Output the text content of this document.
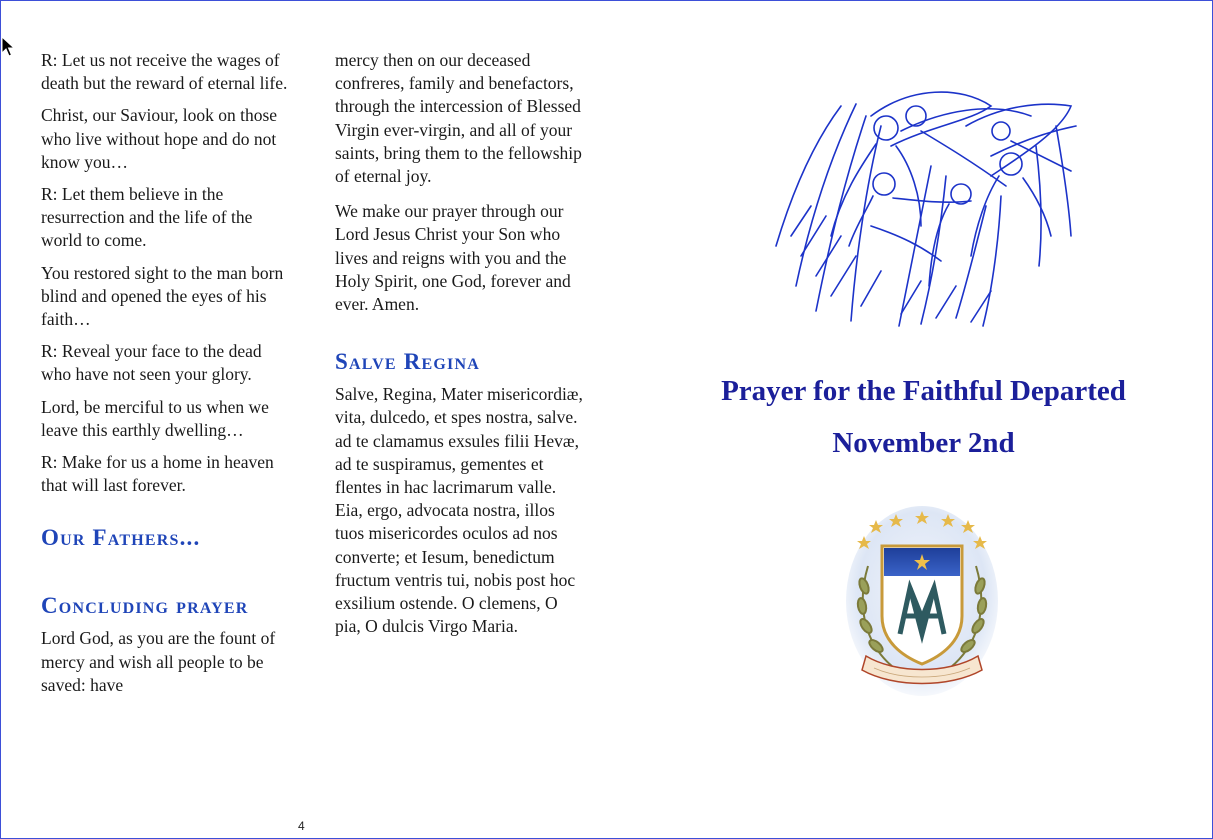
R: Let us not receive the wages of death but the reward of eternal life.

Christ, our Saviour, look on those who live without hope and do not know you…

R: Let them believe in the resurrection and the life of the world to come.

You restored sight to the man born blind and opened the eyes of his faith…

R: Reveal your face to the dead who have not seen your glory.

Lord, be merciful to us when we leave this earthly dwelling…

R: Make for us a home in heaven that will last forever.

Our Fathers...
Concluding prayer

Lord God, as you are the fount of mercy and wish all people to be saved: have

mercy then on our deceased confreres, family and benefactors, through the intercession of Blessed Virgin ever-virgin, and all of your saints, bring them to the fellowship of eternal joy.

We make our prayer through our Lord Jesus Christ your Son who lives and reigns with you and the Holy Spirit, one God, forever and ever. Amen.

Salve Regina

Salve, Regina, Mater misericordiæ, vita, dulcedo, et spes nostra, salve. ad te clamamus exsules filii Hevæ, ad te suspiramus, gementes et flentes in hac lacrimarum valle. Eia, ergo, advocata nostra, illos tuos misericordes oculos ad nos converte; et Iesum, benedictum fructum ventris tui, nobis post hoc exsilium ostende. O clemens, O pia, O dulcis Virgo Maria.

4
Prayer for the Faithful Departed
November 2nd
